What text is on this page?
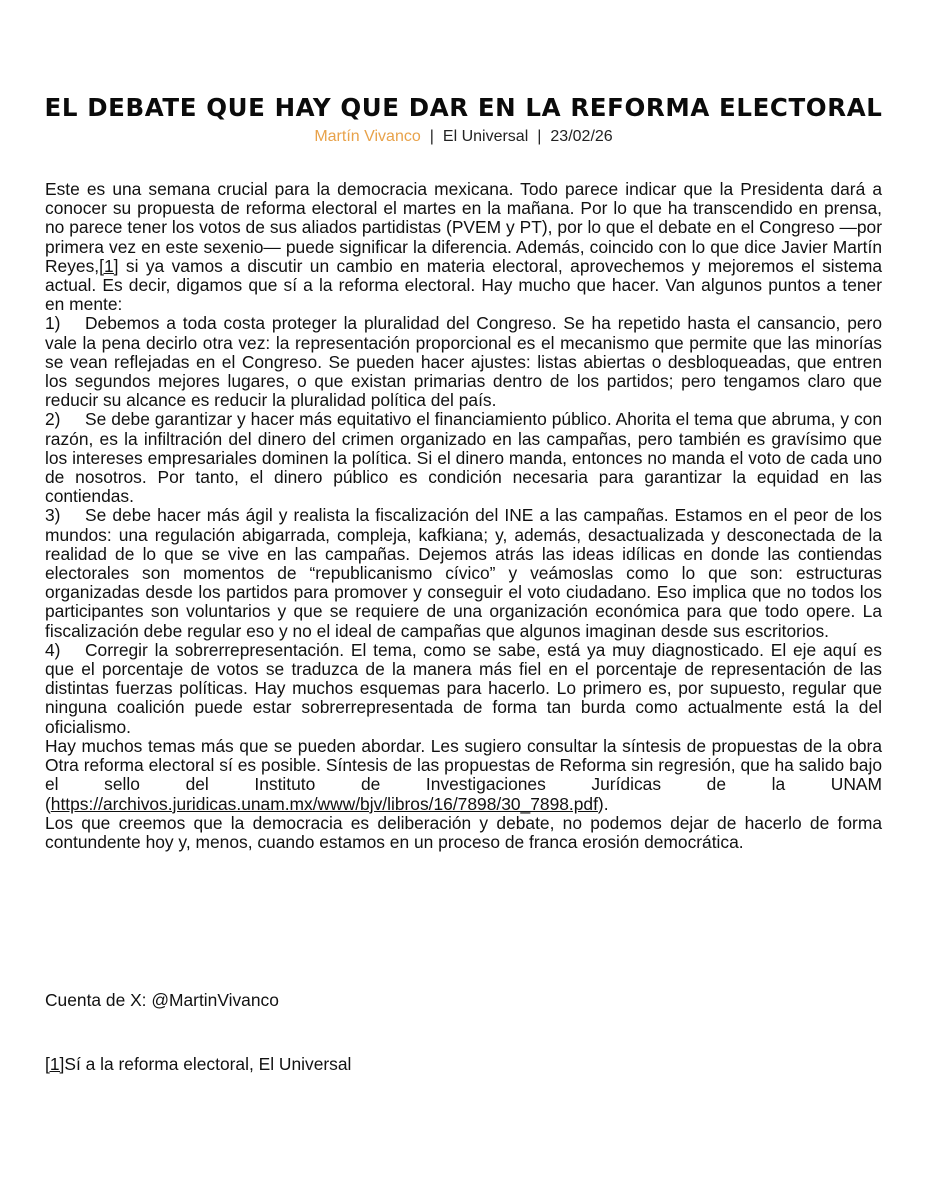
EL DEBATE QUE HAY QUE DAR EN LA REFORMA ELECTORAL
Martín Vivanco | El Universal | 23/02/26

Este es una semana crucial para la democracia mexicana. Todo parece indicar que la Presidenta dará a conocer su propuesta de reforma electoral el martes en la mañana. Por lo que ha transcendido en prensa, no parece tener los votos de sus aliados partidistas (PVEM y PT), por lo que el debate en el Congreso —por primera vez en este sexenio— puede significar la diferencia. Además, coincido con lo que dice Javier Martín Reyes,[1] si ya vamos a discutir un cambio en materia electoral, aprovechemos y mejoremos el sistema actual. Es decir, digamos que sí a la reforma electoral. Hay mucho que hacer. Van algunos puntos a tener en mente:

1) Debemos a toda costa proteger la pluralidad del Congreso. Se ha repetido hasta el cansancio, pero vale la pena decirlo otra vez: la representación proporcional es el mecanismo que permite que las minorías se vean reflejadas en el Congreso. Se pueden hacer ajustes: listas abiertas o desbloqueadas, que entren los segundos mejores lugares, o que existan primarias dentro de los partidos; pero tengamos claro que reducir su alcance es reducir la pluralidad política del país.

2) Se debe garantizar y hacer más equitativo el financiamiento público. Ahorita el tema que abruma, y con razón, es la infiltración del dinero del crimen organizado en las campañas, pero también es gravísimo que los intereses empresariales dominen la política. Si el dinero manda, entonces no manda el voto de cada uno de nosotros. Por tanto, el dinero público es condición necesaria para garantizar la equidad en las contiendas.

3) Se debe hacer más ágil y realista la fiscalización del INE a las campañas. Estamos en el peor de los mundos: una regulación abigarrada, compleja, kafkiana; y, además, desactualizada y desconectada de la realidad de lo que se vive en las campañas. Dejemos atrás las ideas idílicas en donde las contiendas electorales son momentos de “republicanismo cívico” y veámoslas como lo que son: estructuras organizadas desde los partidos para promover y conseguir el voto ciudadano. Eso implica que no todos los participantes son voluntarios y que se requiere de una organización económica para que todo opere. La fiscalización debe regular eso y no el ideal de campañas que algunos imaginan desde sus escritorios.

4) Corregir la sobrerrepresentación. El tema, como se sabe, está ya muy diagnosticado. El eje aquí es que el porcentaje de votos se traduzca de la manera más fiel en el porcentaje de representación de las distintas fuerzas políticas. Hay muchos esquemas para hacerlo. Lo primero es, por supuesto, regular que ninguna coalición puede estar sobrerrepresentada de forma tan burda como actualmente está la del oficialismo.

Hay muchos temas más que se pueden abordar. Les sugiero consultar la síntesis de propuestas de la obra Otra reforma electoral sí es posible. Síntesis de las propuestas de Reforma sin regresión, que ha salido bajo el sello del Instituto de Investigaciones Jurídicas de la UNAM (https://archivos.juridicas.unam.mx/www/bjv/libros/16/7898/30_7898.pdf).

Los que creemos que la democracia es deliberación y debate, no podemos dejar de hacerlo de forma contundente hoy y, menos, cuando estamos en un proceso de franca erosión democrática.

Cuenta de X: @MartinVivanco
[1]Sí a la reforma electoral, El Universal
